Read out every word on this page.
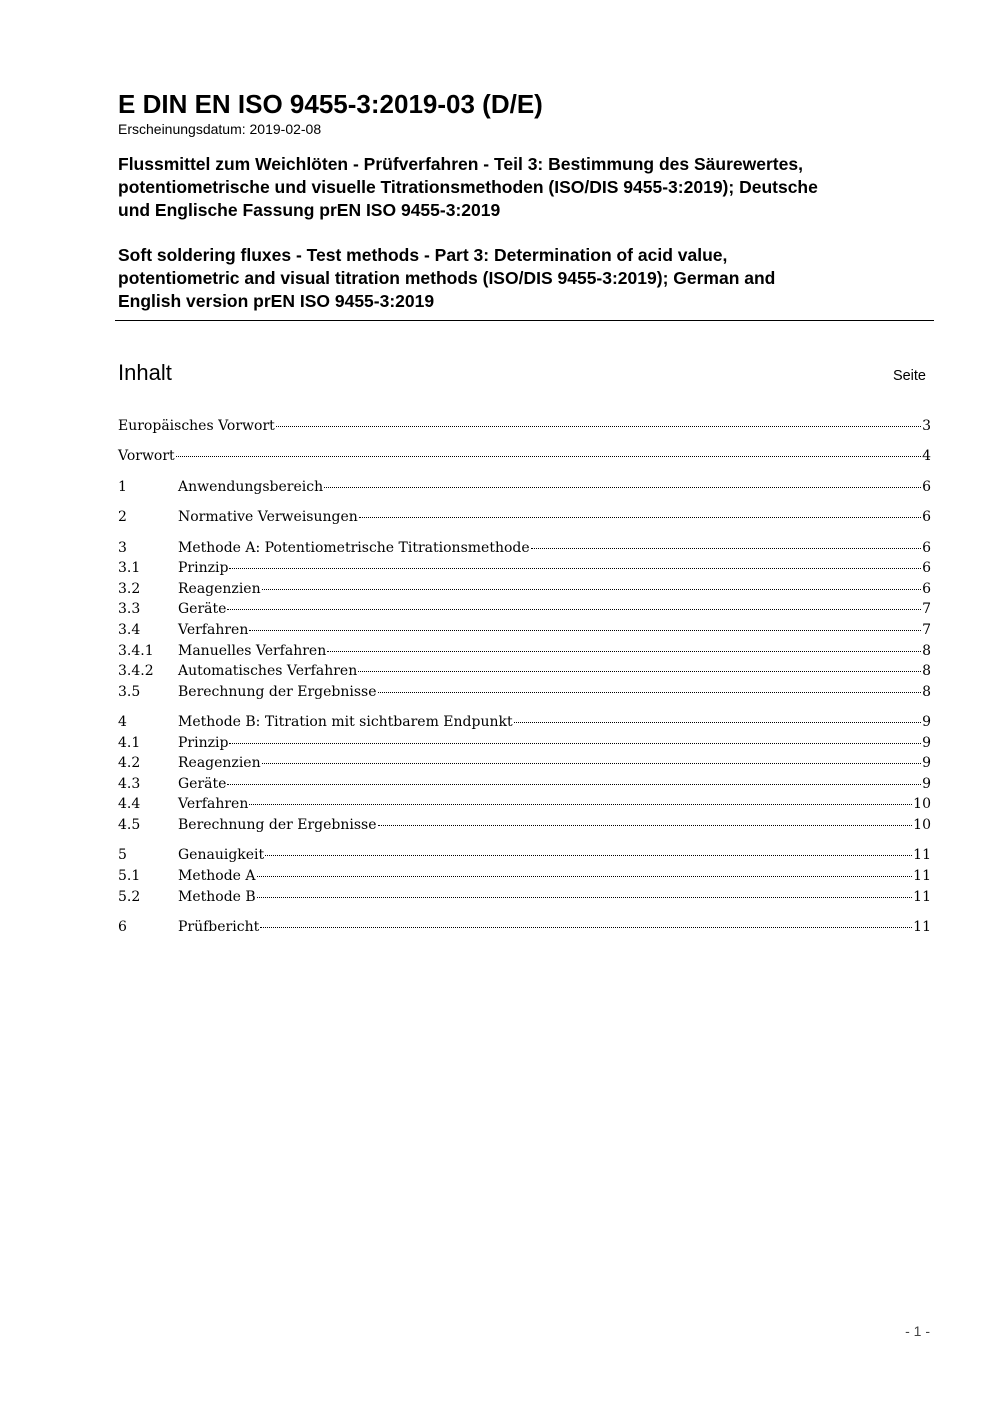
E DIN EN ISO 9455-3:2019-03 (D/E)

Erscheinungsdatum: 2019-02-08

Flussmittel zum Weichlöten - Prüfverfahren - Teil 3: Bestimmung des Säurewertes,
potentiometrische und visuelle Titrationsmethoden (ISO/DIS 9455-3:2019); Deutsche
und Englische Fassung prEN ISO 9455-3:2019

Soft soldering fluxes - Test methods - Part 3: Determination of acid value,
potentiometric and visual titration methods (ISO/DIS 9455-3:2019); German and
English version prEN ISO 9455-3:2019

Inhalt	Seite
Europäisches Vorwort	3
Vorwort	4
1	Anwendungsbereich	6
2	Normative Verweisungen	6
3	Methode A: Potentiometrische Titrationsmethode	6
3.1	Prinzip	6
3.2	Reagenzien	6
3.3	Geräte	7
3.4	Verfahren	7
3.4.1	Manuelles Verfahren	8
3.4.2	Automatisches Verfahren	8
3.5	Berechnung der Ergebnisse	8
4	Methode B: Titration mit sichtbarem Endpunkt	9
4.1	Prinzip	9
4.2	Reagenzien	9
4.3	Geräte	9
4.4	Verfahren	10
4.5	Berechnung der Ergebnisse	10
5	Genauigkeit	11
5.1	Methode A	11
5.2	Methode B	11
6	Prüfbericht	11
- 1 -
